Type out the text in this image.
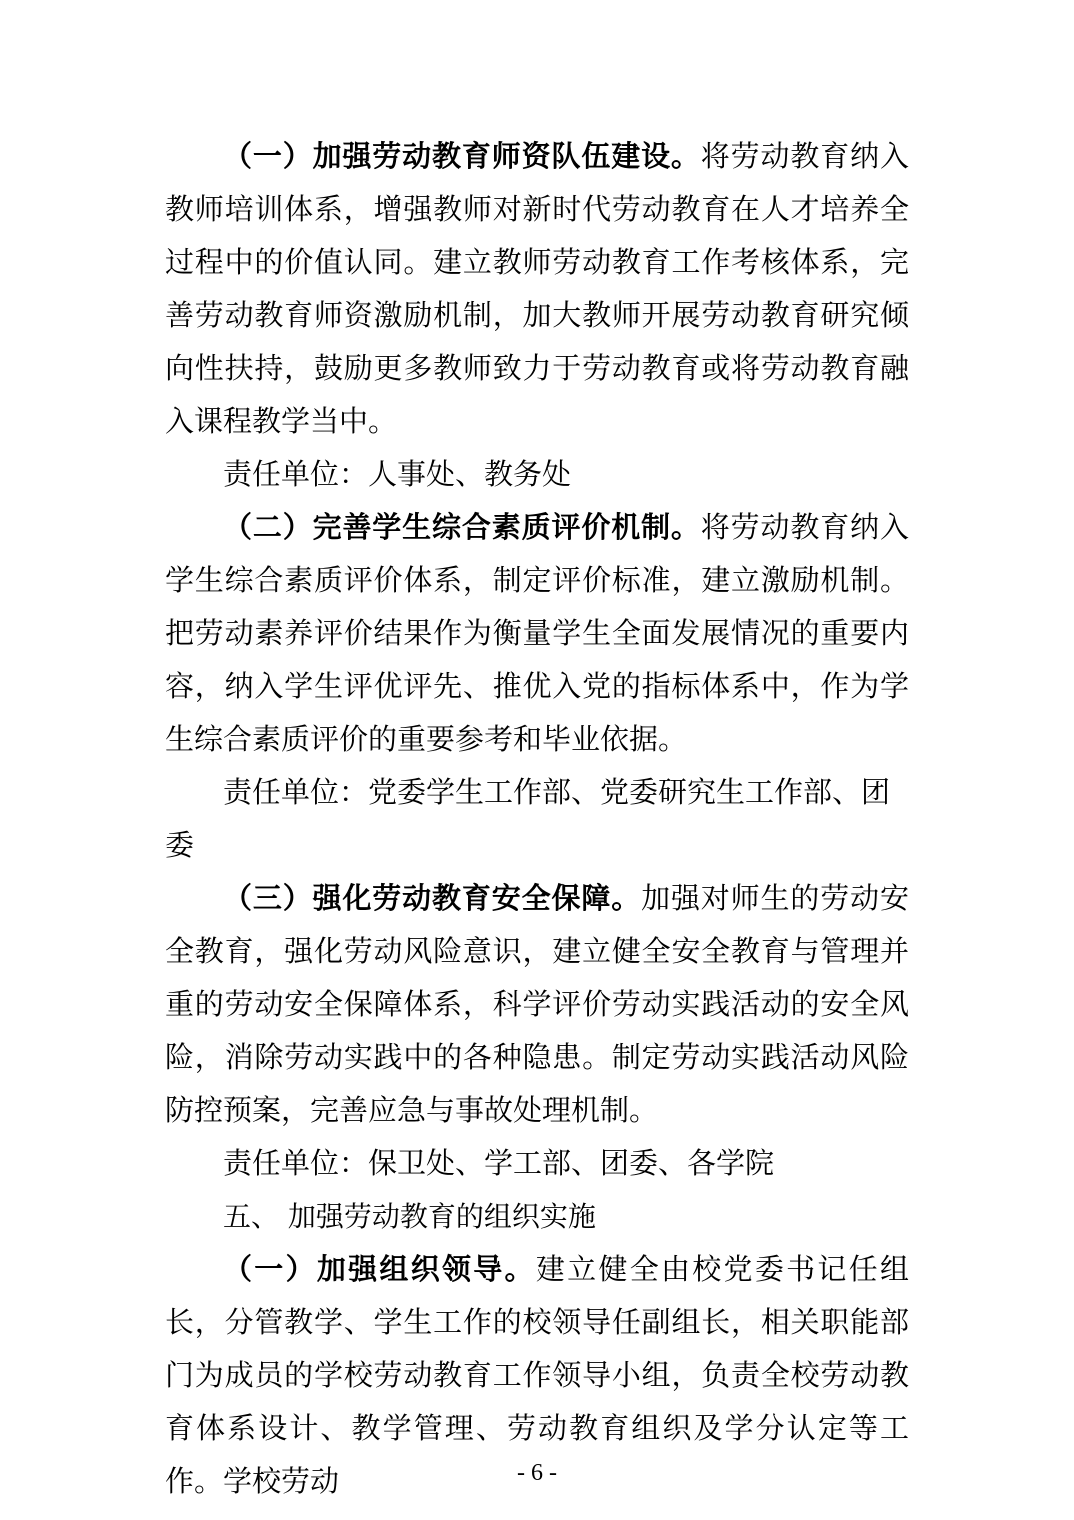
（一）加强劳动教育师资队伍建设。将劳动教育纳入教师培训体系，增强教师对新时代劳动教育在人才培养全过程中的价值认同。建立教师劳动教育工作考核体系，完善劳动教育师资激励机制，加大教师开展劳动教育研究倾向性扶持，鼓励更多教师致力于劳动教育或将劳动教育融入课程教学当中。

责任单位：人事处、教务处

（二）完善学生综合素质评价机制。将劳动教育纳入学生综合素质评价体系，制定评价标准，建立激励机制。把劳动素养评价结果作为衡量学生全面发展情况的重要内容，纳入学生评优评先、推优入党的指标体系中，作为学生综合素质评价的重要参考和毕业依据。

责任单位：党委学生工作部、党委研究生工作部、团委

（三）强化劳动教育安全保障。加强对师生的劳动安全教育，强化劳动风险意识，建立健全安全教育与管理并重的劳动安全保障体系，科学评价劳动实践活动的安全风险，消除劳动实践中的各种隐患。制定劳动实践活动风险防控预案，完善应急与事故处理机制。

责任单位：保卫处、学工部、团委、各学院

五、 加强劳动教育的组织实施

（一）加强组织领导。建立健全由校党委书记任组长，分管教学、学生工作的校领导任副组长，相关职能部门为成员的学校劳动教育工作领导小组，负责全校劳动教育体系设计、教学管理、劳动教育组织及学分认定等工作。学校劳动	- 6 -
